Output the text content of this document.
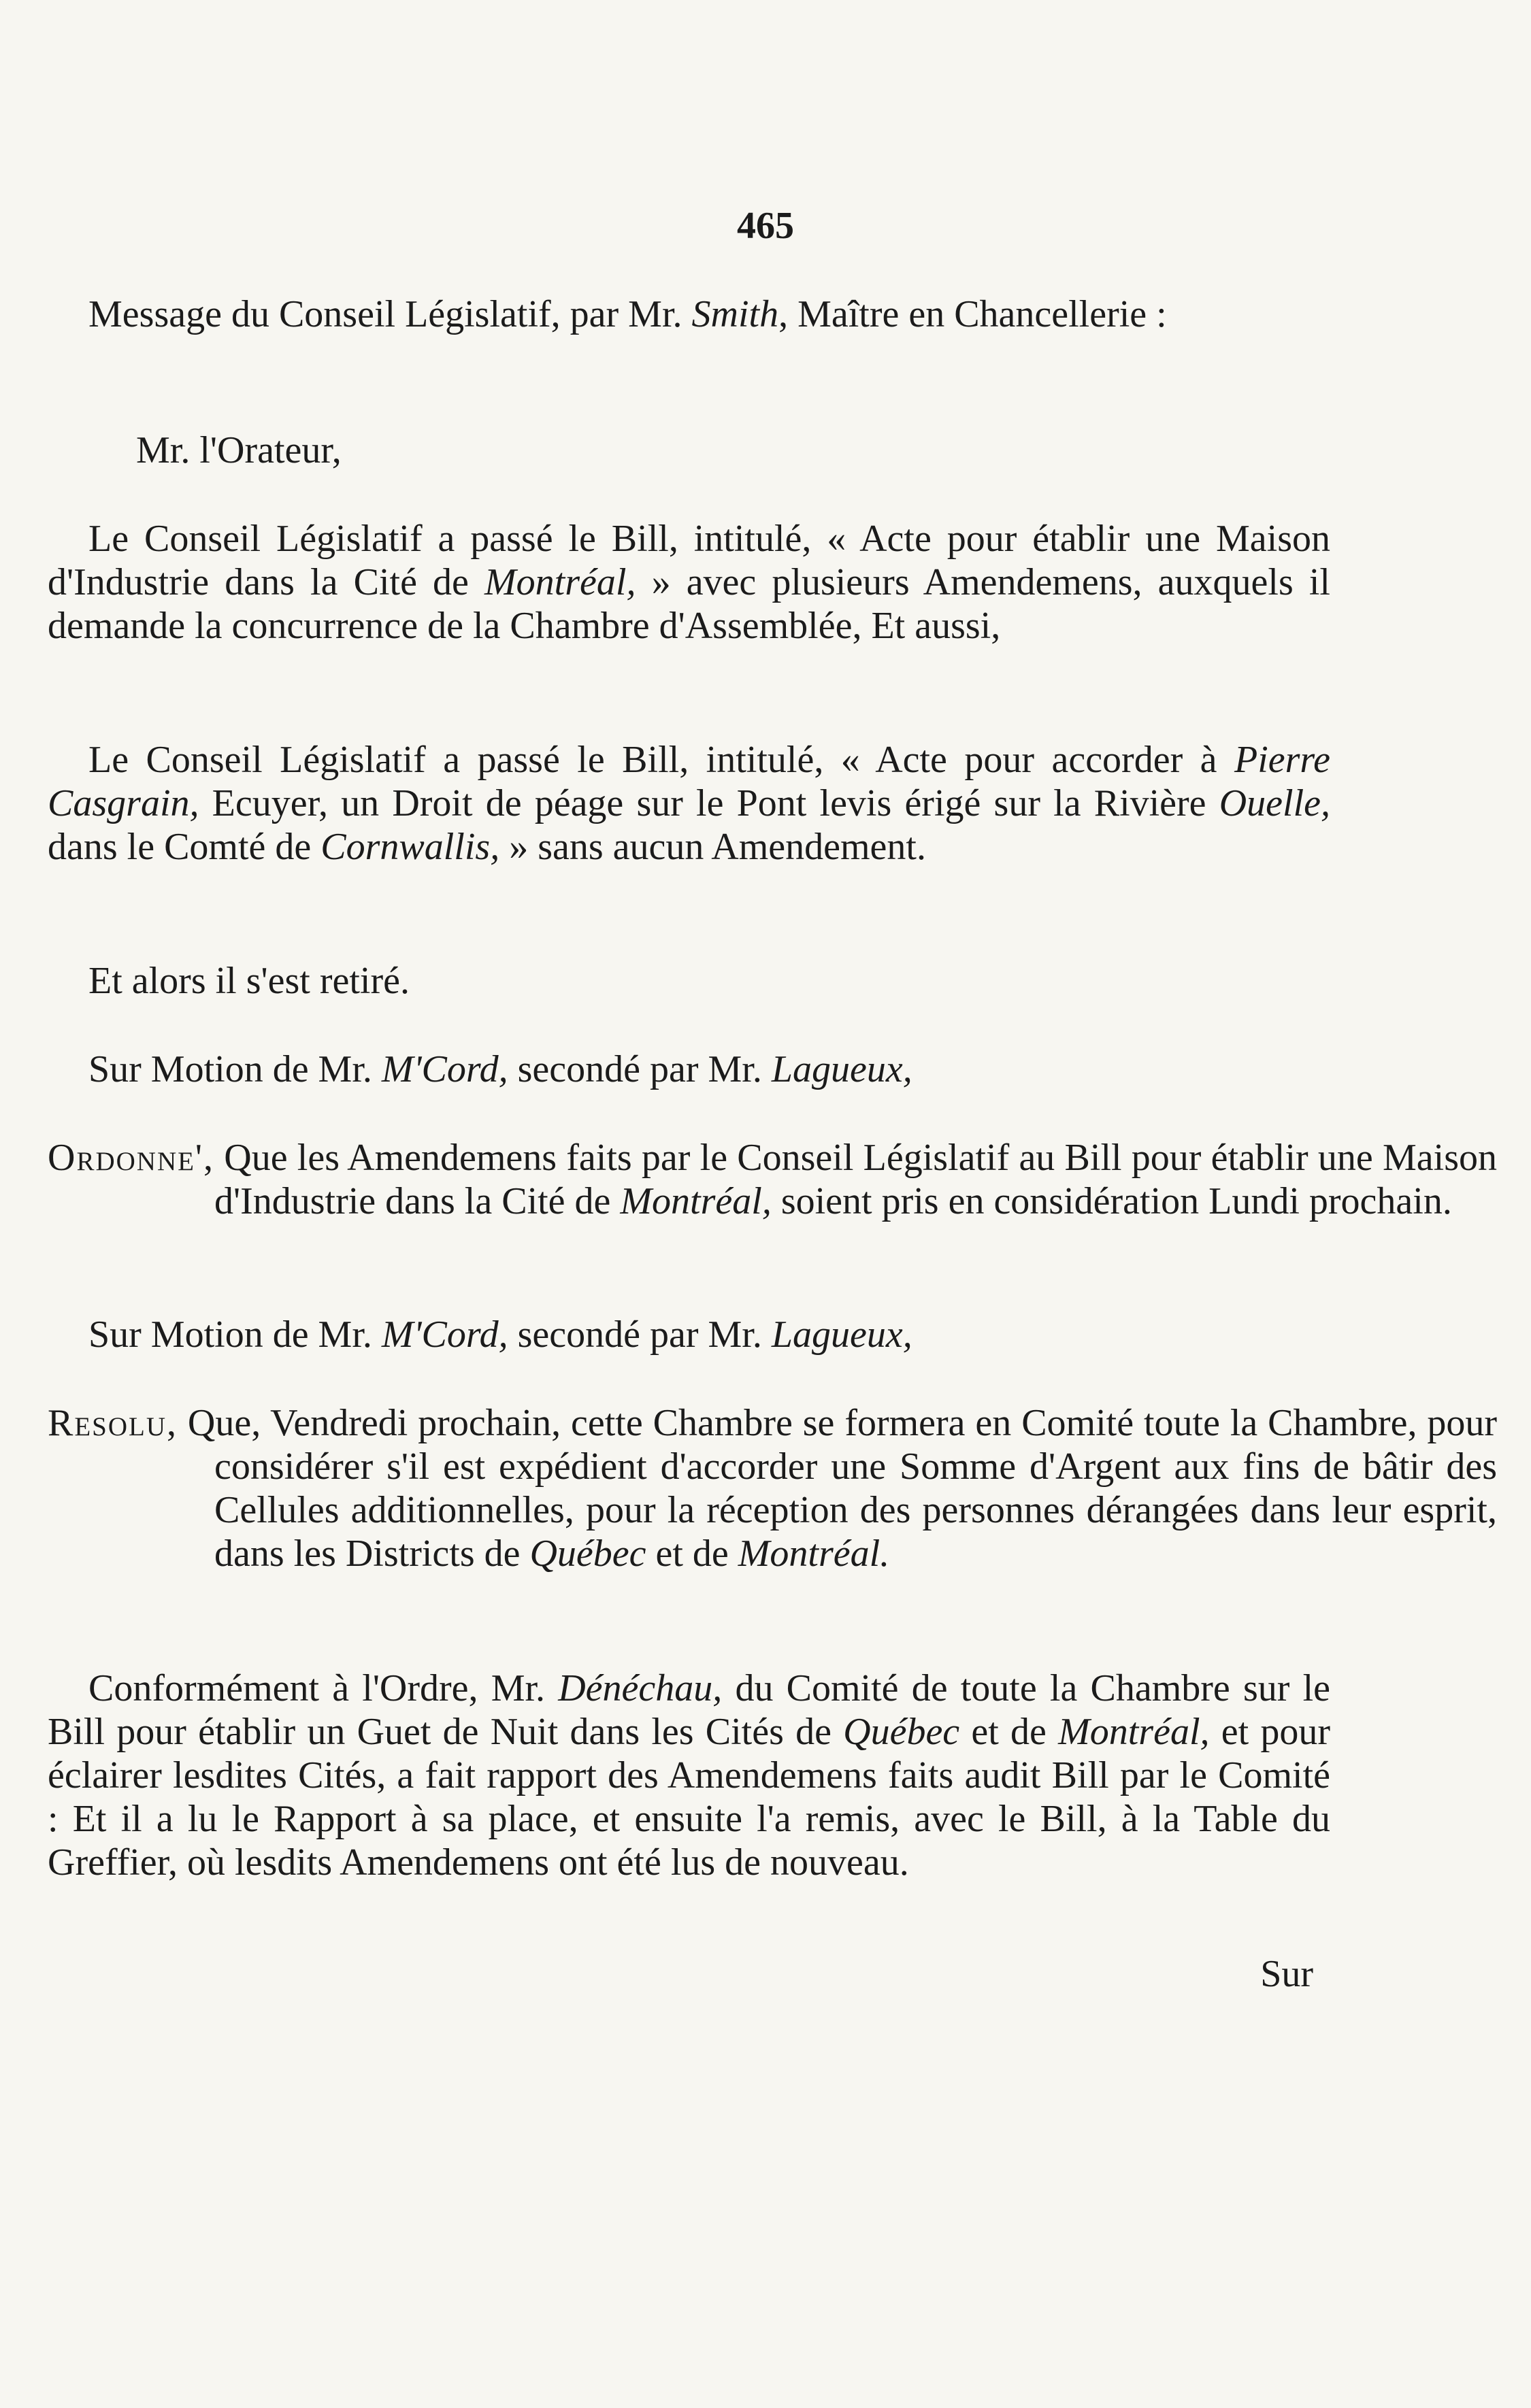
465

Message du Conseil Législatif, par Mr. Smith, Maître en Chancellerie :

Mr. l'Orateur,

Le Conseil Législatif a passé le Bill, intitulé, « Acte pour établir une Maison d'Industrie dans la Cité de Montréal, » avec plusieurs Amendemens, auxquels il demande la concurrence de la Chambre d'Assemblée, Et aussi,

Le Conseil Législatif a passé le Bill, intitulé, « Acte pour accorder à Pierre Casgrain, Ecuyer, un Droit de péage sur le Pont levis érigé sur la Rivière Ouelle, dans le Comté de Cornwallis, » sans aucun Amendement.

Et alors il s'est retiré.

Sur Motion de Mr. M'Cord, secondé par Mr. Lagueux,

Ordonne', Que les Amendemens faits par le Conseil Législatif au Bill pour établir une Maison d'Industrie dans la Cité de Montréal, soient pris en considération Lundi prochain.

Sur Motion de Mr. M'Cord, secondé par Mr. Lagueux,

Resolu, Que, Vendredi prochain, cette Chambre se formera en Comité toute la Chambre, pour considérer s'il est expédient d'accorder une Somme d'Argent aux fins de bâtir des Cellules additionnelles, pour la réception des personnes dérangées dans leur esprit, dans les Districts de Québec et de Montréal.

Conformément à l'Ordre, Mr. Dénéchau, du Comité de toute la Chambre sur le Bill pour établir un Guet de Nuit dans les Cités de Québec et de Montréal, et pour éclairer lesdites Cités, a fait rapport des Amendemens faits audit Bill par le Comité : Et il a lu le Rapport à sa place, et ensuite l'a remis, avec le Bill, à la Table du Greffier, où lesdits Amendemens ont été lus de nouveau.

Sur
